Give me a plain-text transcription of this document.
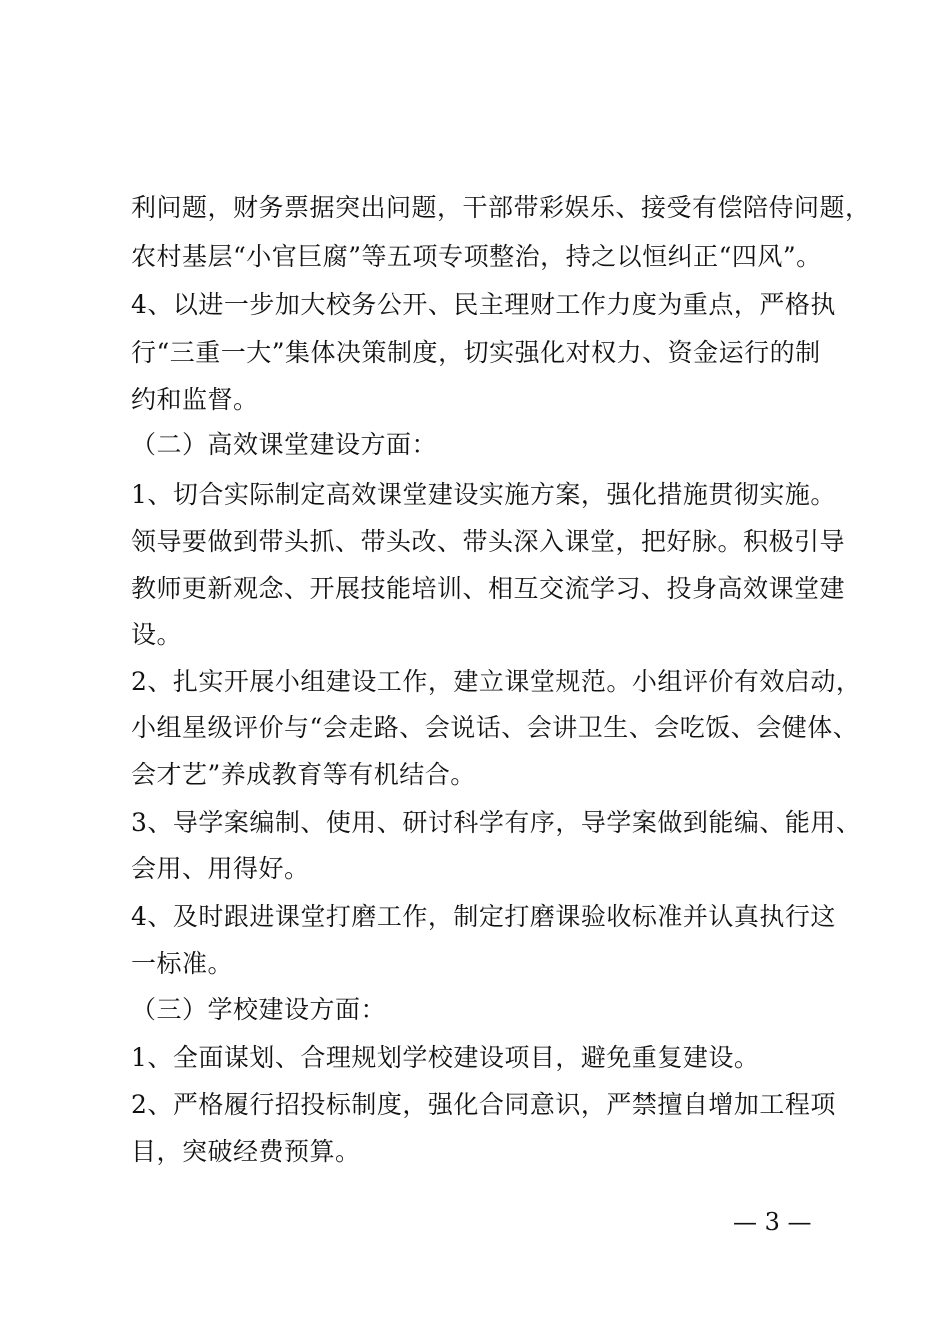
利问题，财务票据突出问题，干部带彩娱乐、接受有偿陪侍问题，
农村基层“小官巨腐”等五项专项整治，持之以恒纠正“四风”。
4、以进一步加大校务公开、民主理财工作力度为重点，严格执
行“三重一大”集体决策制度，切实强化对权力、资金运行的制
约和监督。
（二）高效课堂建设方面：
1、切合实际制定高效课堂建设实施方案，强化措施贯彻实施。
领导要做到带头抓、带头改、带头深入课堂，把好脉。积极引导
教师更新观念、开展技能培训、相互交流学习、投身高效课堂建
设。
2、扎实开展小组建设工作，建立课堂规范。小组评价有效启动，
小组星级评价与“会走路、会说话、会讲卫生、会吃饭、会健体、
会才艺”养成教育等有机结合。
3、导学案编制、使用、研讨科学有序，导学案做到能编、能用、
会用、用得好。
4、及时跟进课堂打磨工作，制定打磨课验收标准并认真执行这
一标准。
（三）学校建设方面：
1、全面谋划、合理规划学校建设项目，避免重复建设。
2、严格履行招投标制度，强化合同意识，严禁擅自增加工程项
目，突破经费预算。
— 3 —
